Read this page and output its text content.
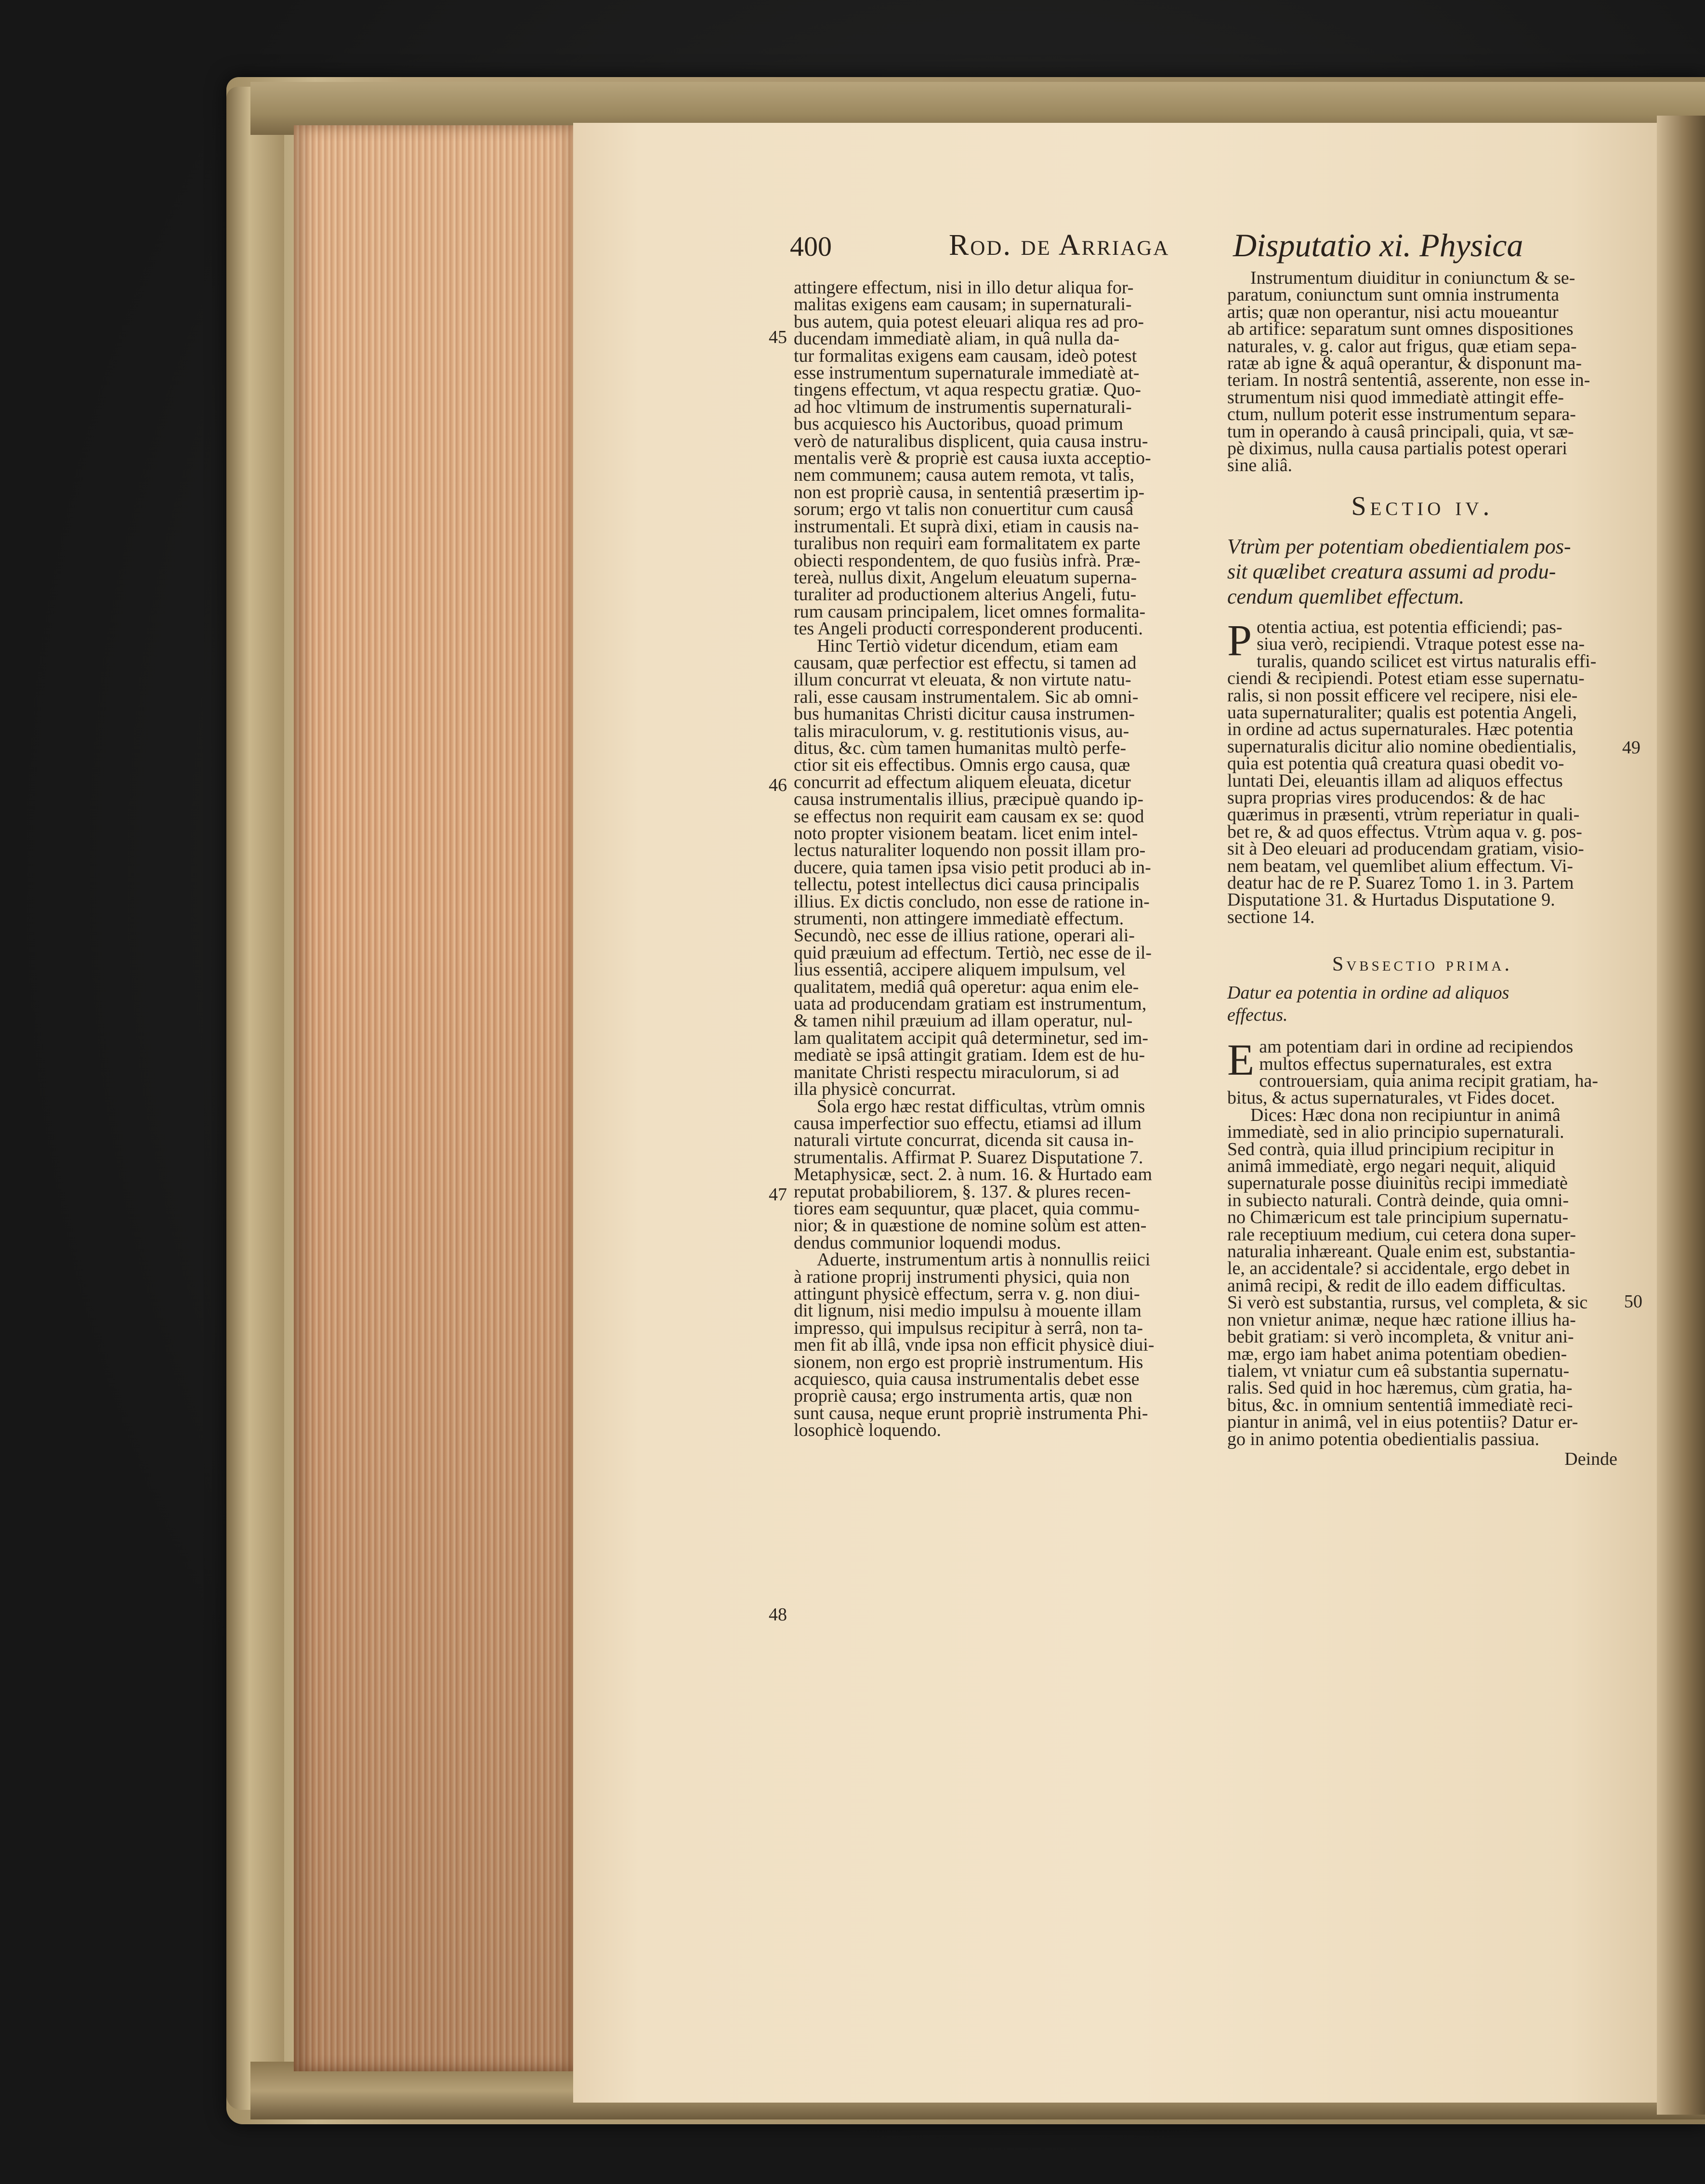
400	Rod. de Arriaga Disputatio xi. Physica
45
46
47
48
49
50
attingere effectum, nisi in illo detur aliqua for-
malitas exigens eam causam; in supernaturali-
bus autem, quia potest eleuari aliqua res ad pro-
ducendam immediatè aliam, in quâ nulla da-
tur formalitas exigens eam causam, ideò potest
esse instrumentum supernaturale immediatè at-
tingens effectum, vt aqua respectu gratiæ. Quo-
ad hoc vltimum de instrumentis supernaturali-
bus acquiesco his Auctoribus, quoad primum
verò de naturalibus displicent, quia causa instru-
mentalis verè & propriè est causa iuxta acceptio-
nem communem; causa autem remota, vt talis,
non est propriè causa, in sententiâ præsertim ip-
sorum; ergo vt talis non conuertitur cum causâ
instrumentali. Et suprà dixi, etiam in causis na-
turalibus non requiri eam formalitatem ex parte
obiecti respondentem, de quo fusiùs infrà. Præ-
tereà, nullus dixit, Angelum eleuatum superna-
turaliter ad productionem alterius Angeli, futu-
rum causam principalem, licet omnes formalita-
tes Angeli producti corresponderent producenti.
Hinc Tertiò videtur dicendum, etiam eam
causam, quæ perfectior est effectu, si tamen ad
illum concurrat vt eleuata, & non virtute natu-
rali, esse causam instrumentalem. Sic ab omni-
bus humanitas Christi dicitur causa instrumen-
talis miraculorum, v. g. restitutionis visus, au-
ditus, &c. cùm tamen humanitas multò perfe-
ctior sit eis effectibus. Omnis ergo causa, quæ
concurrit ad effectum aliquem eleuata, dicetur
causa instrumentalis illius, præcipuè quando ip-
se effectus non requirit eam causam ex se: quod
noto propter visionem beatam. licet enim intel-
lectus naturaliter loquendo non possit illam pro-
ducere, quia tamen ipsa visio petit produci ab in-
tellectu, potest intellectus dici causa principalis
illius. Ex dictis concludo, non esse de ratione in-
strumenti, non attingere immediatè effectum.
Secundò, nec esse de illius ratione, operari ali-
quid præuium ad effectum. Tertiò, nec esse de il-
lius essentiâ, accipere aliquem impulsum, vel
qualitatem, mediâ quâ operetur: aqua enim ele-
uata ad producendam gratiam est instrumentum,
& tamen nihil præuium ad illam operatur, nul-
lam qualitatem accipit quâ determinetur, sed im-
mediatè se ipsâ attingit gratiam. Idem est de hu-
manitate Christi respectu miraculorum, si ad
illa physicè concurrat.
Sola ergo hæc restat difficultas, vtrùm omnis
causa imperfectior suo effectu, etiamsi ad illum
naturali virtute concurrat, dicenda sit causa in-
strumentalis. Affirmat P. Suarez Disputatione 7.
Metaphysicæ, sect. 2. à num. 16. & Hurtado eam
reputat probabiliorem, §. 137. & plures recen-
tiores eam sequuntur, quæ placet, quia commu-
nior; & in quæstione de nomine solùm est atten-
dendus communior loquendi modus.
Aduerte, instrumentum artis à nonnullis reiici
à ratione proprij instrumenti physici, quia non
attingunt physicè effectum, serra v. g. non diui-
dit lignum, nisi medio impulsu à mouente illam
impresso, qui impulsus recipitur à serrâ, non ta-
men fit ab illâ, vnde ipsa non efficit physicè diui-
sionem, non ergo est propriè instrumentum. His
acquiesco, quia causa instrumentalis debet esse
propriè causa; ergo instrumenta artis, quæ non
sunt causa, neque erunt propriè instrumenta Phi-
losophicè loquendo.
Instrumentum diuiditur in coniunctum & se-
paratum, coniunctum sunt omnia instrumenta
artis; quæ non operantur, nisi actu moueantur
ab artifice: separatum sunt omnes dispositiones
naturales, v. g. calor aut frigus, quæ etiam sepa-
ratæ ab igne & aquâ operantur, & disponunt ma-
teriam. In nostrâ sententiâ, asserente, non esse in-
strumentum nisi quod immediatè attingit effe-
ctum, nullum poterit esse instrumentum separa-
tum in operando à causâ principali, quia, vt sæ-
pè diximus, nulla causa partialis potest operari
sine aliâ.
Sectio iv.
Vtrùm per potentiam obedientialem pos-
sit quælibet creatura assumi ad produ-
cendum quemlibet effectum.
P otentia actiua, est potentia efficiendi; pas-
siua verò, recipiendi. Vtraque potest esse na-
turalis, quando scilicet est virtus naturalis effi-
ciendi & recipiendi. Potest etiam esse supernatu-
ralis, si non possit efficere vel recipere, nisi ele-
uata supernaturaliter; qualis est potentia Angeli,
in ordine ad actus supernaturales. Hæc potentia
supernaturalis dicitur alio nomine obedientialis,
quia est potentia quâ creatura quasi obedit vo-
luntati Dei, eleuantis illam ad aliquos effectus
supra proprias vires producendos: & de hac
quærimus in præsenti, vtrùm reperiatur in quali-
bet re, & ad quos effectus. Vtrùm aqua v. g. pos-
sit à Deo eleuari ad producendam gratiam, visio-
nem beatam, vel quemlibet alium effectum. Vi-
deatur hac de re P. Suarez Tomo 1. in 3. Partem
Disputatione 31. & Hurtadus Disputatione 9.
sectione 14.
Svbsectio prima.
Datur ea potentia in ordine ad aliquos
effectus.
E am potentiam dari in ordine ad recipiendos
multos effectus supernaturales, est extra
controuersiam, quia anima recipit gratiam, ha-
bitus, & actus supernaturales, vt Fides docet.
Dices: Hæc dona non recipiuntur in animâ
immediatè, sed in alio principio supernaturali.
Sed contrà, quia illud principium recipitur in
animâ immediatè, ergo negari nequit, aliquid
supernaturale posse diuinitùs recipi immediatè
in subiecto naturali. Contrà deinde, quia omni-
no Chimæricum est tale principium supernatu-
rale receptiuum medium, cui cetera dona super-
naturalia inhæreant. Quale enim est, substantia-
le, an accidentale? si accidentale, ergo debet in
animâ recipi, & redit de illo eadem difficultas.
Si verò est substantia, rursus, vel completa, & sic
non vnietur animæ, neque hæc ratione illius ha-
bebit gratiam: si verò incompleta, & vnitur ani-
mæ, ergo iam habet anima potentiam obedien-
tialem, vt vniatur cum eâ substantia supernatu-
ralis. Sed quid in hoc hæremus, cùm gratia, ha-
bitus, &c. in omnium sententiâ immediatè reci-
piantur in animâ, vel in eius potentiis? Datur er-
go in animo potentia obedientialis passiua.
Deinde
